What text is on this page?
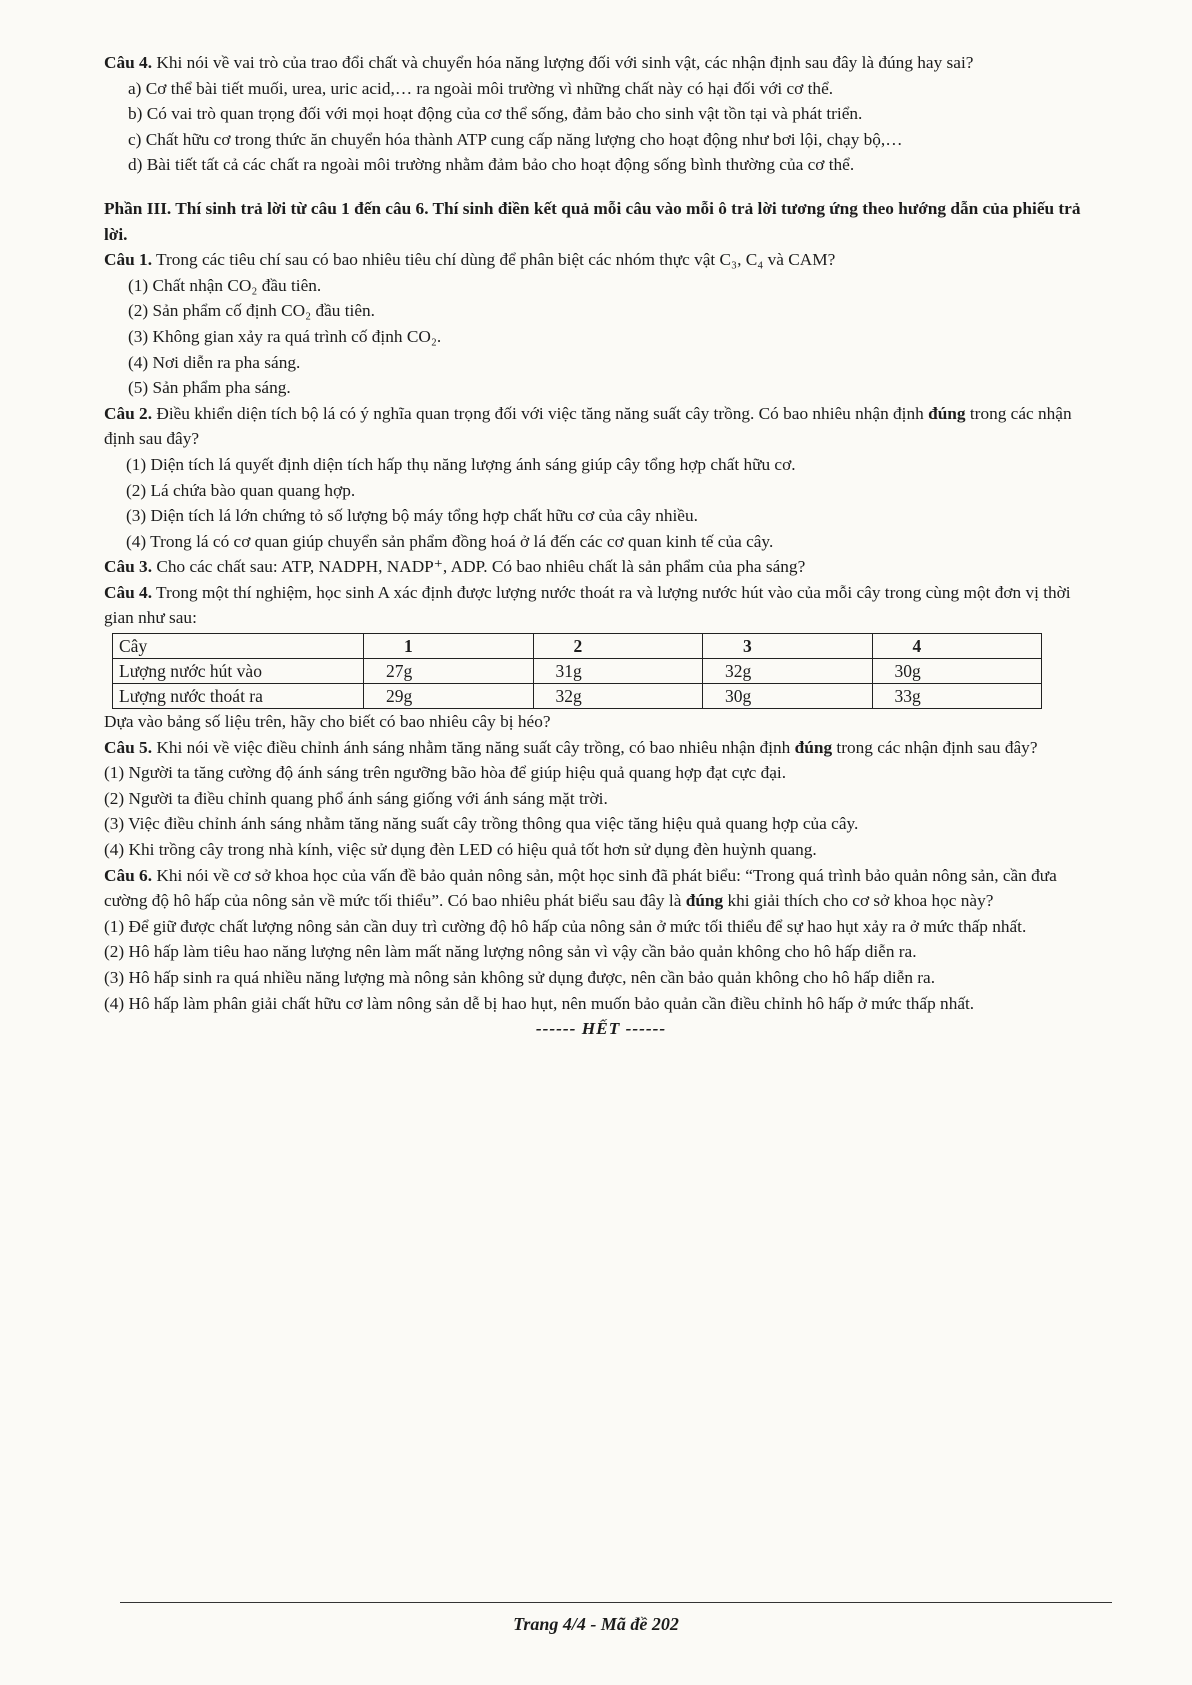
Câu 4. Khi nói về vai trò của trao đổi chất và chuyển hóa năng lượng đối với sinh vật, các nhận định sau đây là đúng hay sai?

a) Cơ thể bài tiết muối, urea, uric acid,… ra ngoài môi trường vì những chất này có hại đối với cơ thể.

b) Có vai trò quan trọng đối với mọi hoạt động của cơ thể sống, đảm bảo cho sinh vật tồn tại và phát triển.

c) Chất hữu cơ trong thức ăn chuyển hóa thành ATP cung cấp năng lượng cho hoạt động như bơi lội, chạy bộ,…

d) Bài tiết tất cả các chất ra ngoài môi trường nhằm đảm bảo cho hoạt động sống bình thường của cơ thể.

Phần III. Thí sinh trả lời từ câu 1 đến câu 6. Thí sinh điền kết quả mỗi câu vào mỗi ô trả lời tương ứng theo hướng dẫn của phiếu trả lời.

Câu 1. Trong các tiêu chí sau có bao nhiêu tiêu chí dùng để phân biệt các nhóm thực vật C₃, C₄ và CAM?

(1) Chất nhận CO₂ đầu tiên.

(2) Sản phẩm cố định CO₂ đầu tiên.

(3) Không gian xảy ra quá trình cố định CO₂.

(4) Nơi diễn ra pha sáng.

(5) Sản phẩm pha sáng.

Câu 2. Điều khiển diện tích bộ lá có ý nghĩa quan trọng đối với việc tăng năng suất cây trồng. Có bao nhiêu nhận định đúng trong các nhận định sau đây?

(1) Diện tích lá quyết định diện tích hấp thụ năng lượng ánh sáng giúp cây tổng hợp chất hữu cơ.

(2) Lá chứa bào quan quang hợp.

(3) Diện tích lá lớn chứng tỏ số lượng bộ máy tổng hợp chất hữu cơ của cây nhiều.

(4) Trong lá có cơ quan giúp chuyển sản phẩm đồng hoá ở lá đến các cơ quan kinh tế của cây.

Câu 3. Cho các chất sau: ATP, NADPH, NADP⁺, ADP. Có bao nhiêu chất là sản phẩm của pha sáng?

Câu 4. Trong một thí nghiệm, học sinh A xác định được lượng nước thoát ra và lượng nước hút vào của mỗi cây trong cùng một đơn vị thời gian như sau:

Cây	1	2	3	4
Lượng nước hút vào	27g	31g	32g	30g
Lượng nước thoát ra	29g	32g	30g	33g

Dựa vào bảng số liệu trên, hãy cho biết có bao nhiêu cây bị héo?

Câu 5. Khi nói về việc điều chỉnh ánh sáng nhằm tăng năng suất cây trồng, có bao nhiêu nhận định đúng trong các nhận định sau đây?

(1) Người ta tăng cường độ ánh sáng trên ngưỡng bão hòa để giúp hiệu quả quang hợp đạt cực đại.

(2) Người ta điều chỉnh quang phổ ánh sáng giống với ánh sáng mặt trời.

(3) Việc điều chỉnh ánh sáng nhằm tăng năng suất cây trồng thông qua việc tăng hiệu quả quang hợp của cây.

(4) Khi trồng cây trong nhà kính, việc sử dụng đèn LED có hiệu quả tốt hơn sử dụng đèn huỳnh quang.

Câu 6. Khi nói về cơ sở khoa học của vấn đề bảo quản nông sản, một học sinh đã phát biểu: “Trong quá trình bảo quản nông sản, cần đưa cường độ hô hấp của nông sản về mức tối thiểu”. Có bao nhiêu phát biểu sau đây là đúng khi giải thích cho cơ sở khoa học này?

(1) Để giữ được chất lượng nông sản cần duy trì cường độ hô hấp của nông sản ở mức tối thiểu để sự hao hụt xảy ra ở mức thấp nhất.

(2) Hô hấp làm tiêu hao năng lượng nên làm mất năng lượng nông sản vì vậy cần bảo quản không cho hô hấp diễn ra.

(3) Hô hấp sinh ra quá nhiều năng lượng mà nông sản không sử dụng được, nên cần bảo quản không cho hô hấp diễn ra.

(4) Hô hấp làm phân giải chất hữu cơ làm nông sản dễ bị hao hụt, nên muốn bảo quản cần điều chỉnh hô hấp ở mức thấp nhất.

------ HẾT ------

Trang 4/4 - Mã đề 202
